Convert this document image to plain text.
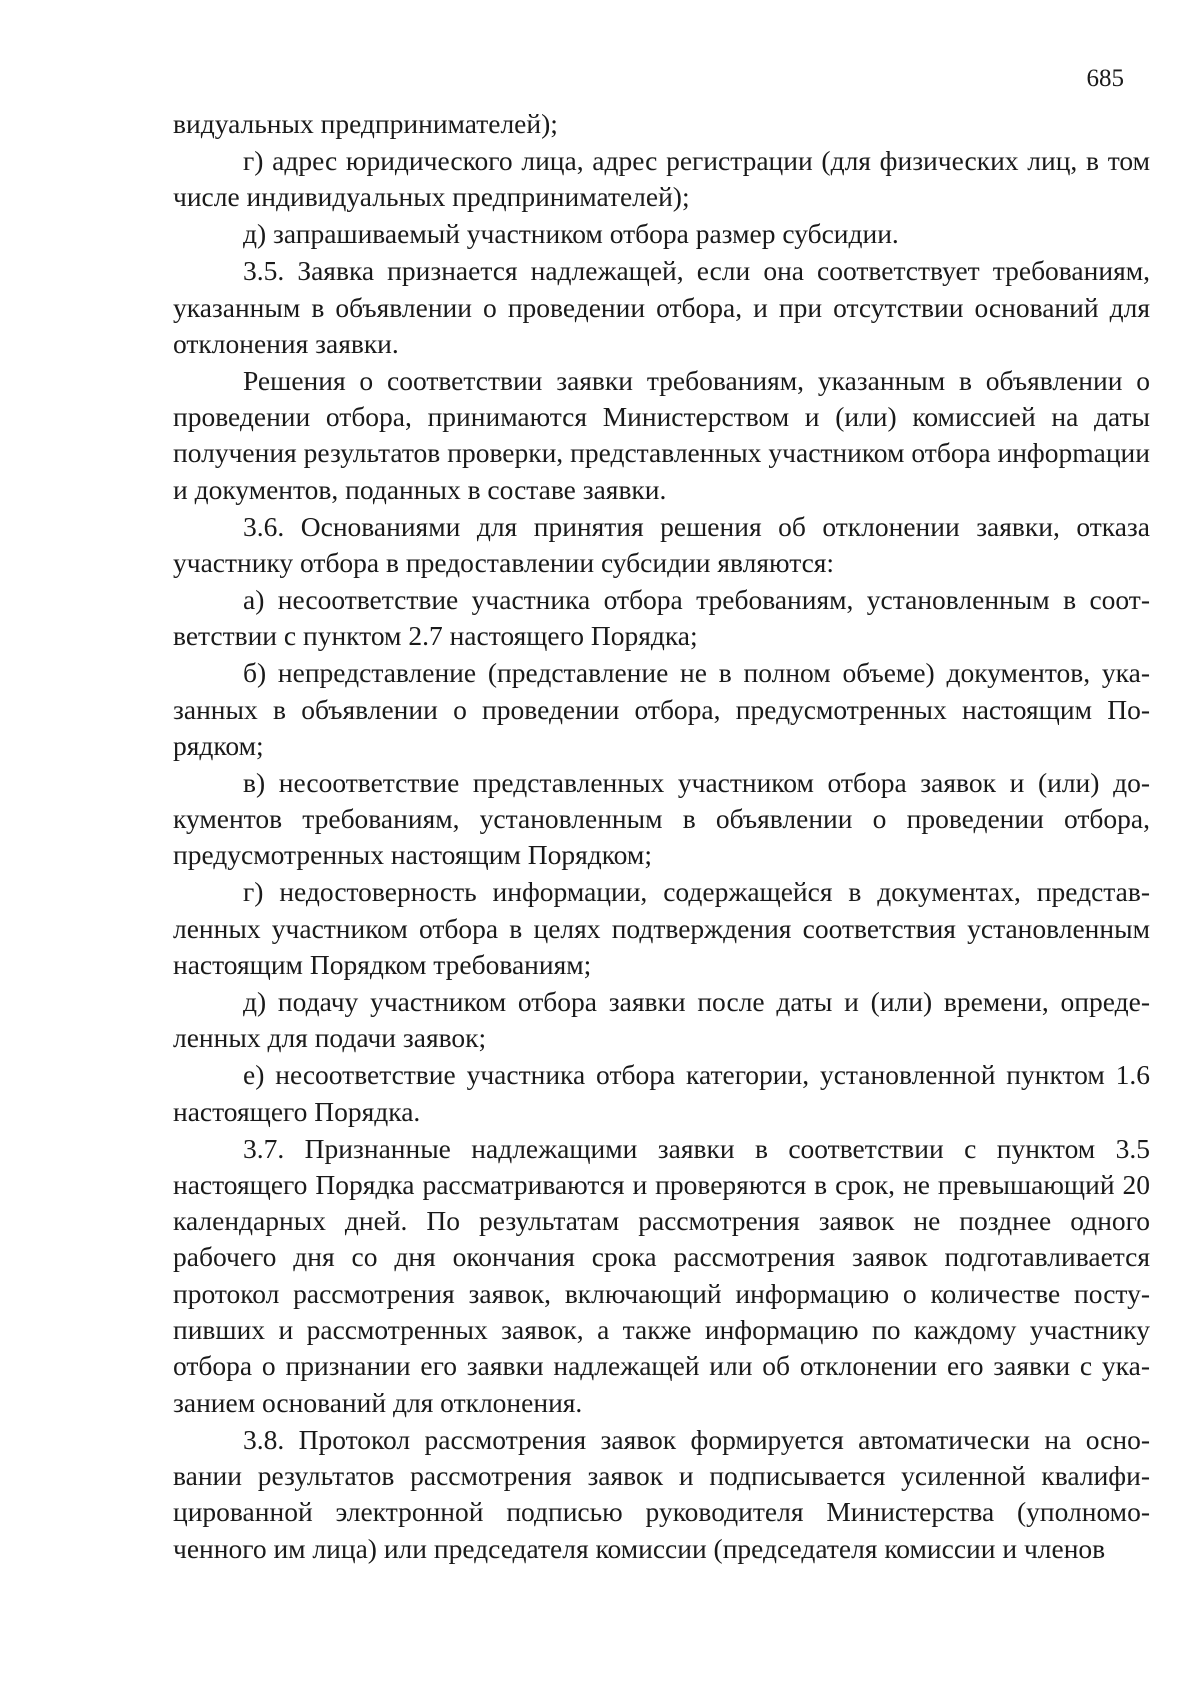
685

видуальных предпринимателей);

г) адрес юридического лица, адрес регистрации (для физических лиц, в том числе индивидуальных предпринимателей);

д) запрашиваемый участником отбора размер субсидии.

3.5. Заявка признается надлежащей, если она соответствует требованиям, указанным в объявлении о проведении отбора, и при отсутствии оснований для отклонения заявки.

Решения о соответствии заявки требованиям, указанным в объявлении о проведении отбора, принимаются Министерством и (или) комиссией на даты получения результатов проверки, представленных участником отбора инфорmации и документов, поданных в составе заявки.

3.6. Основаниями для принятия решения об отклонении заявки, отказа участнику отбора в предоставлении субсидии являются:

а) несоответствие участника отбора требованиям, установленным в соответствии с пунктом 2.7 настоящего Порядка;

б) непредставление (представление не в полном объеме) документов, указанных в объявлении о проведении отбора, предусмотренных настоящим Порядком;

в) несоответствие представленных участником отбора заявок и (или) документов требованиям, установленным в объявлении о проведении отбора, предусмотренных настоящим Порядком;

г) недостоверность информации, содержащейся в документах, представленных участником отбора в целях подтверждения соответствия установленным настоящим Порядком требованиям;

д) подачу участником отбора заявки после даты и (или) времени, определенных для подачи заявок;

е) несоответствие участника отбора категории, установленной пунктом 1.6 настоящего Порядка.

3.7. Признанные надлежащими заявки в соответствии с пунктом 3.5 настоящего Порядка рассматриваются и проверяются в срок, не превышающий 20 календарных дней. По результатам рассмотрения заявок не позднее одного рабочего дня со дня окончания срока рассмотрения заявок подготавливается протокол рассмотрения заявок, включающий информацию о количестве поступивших и рассмотренных заявок, а также информацию по каждому участнику отбора о признании его заявки надлежащей или об отклонении его заявки с указанием оснований для отклонения.

3.8. Протокол рассмотрения заявок формируется автоматически на основании результатов рассмотрения заявок и подписывается усиленной квалифицированной электронной подписью руководителя Министерства (уполномоченного им лица) или председателя комиссии (председателя комиссии и членов
